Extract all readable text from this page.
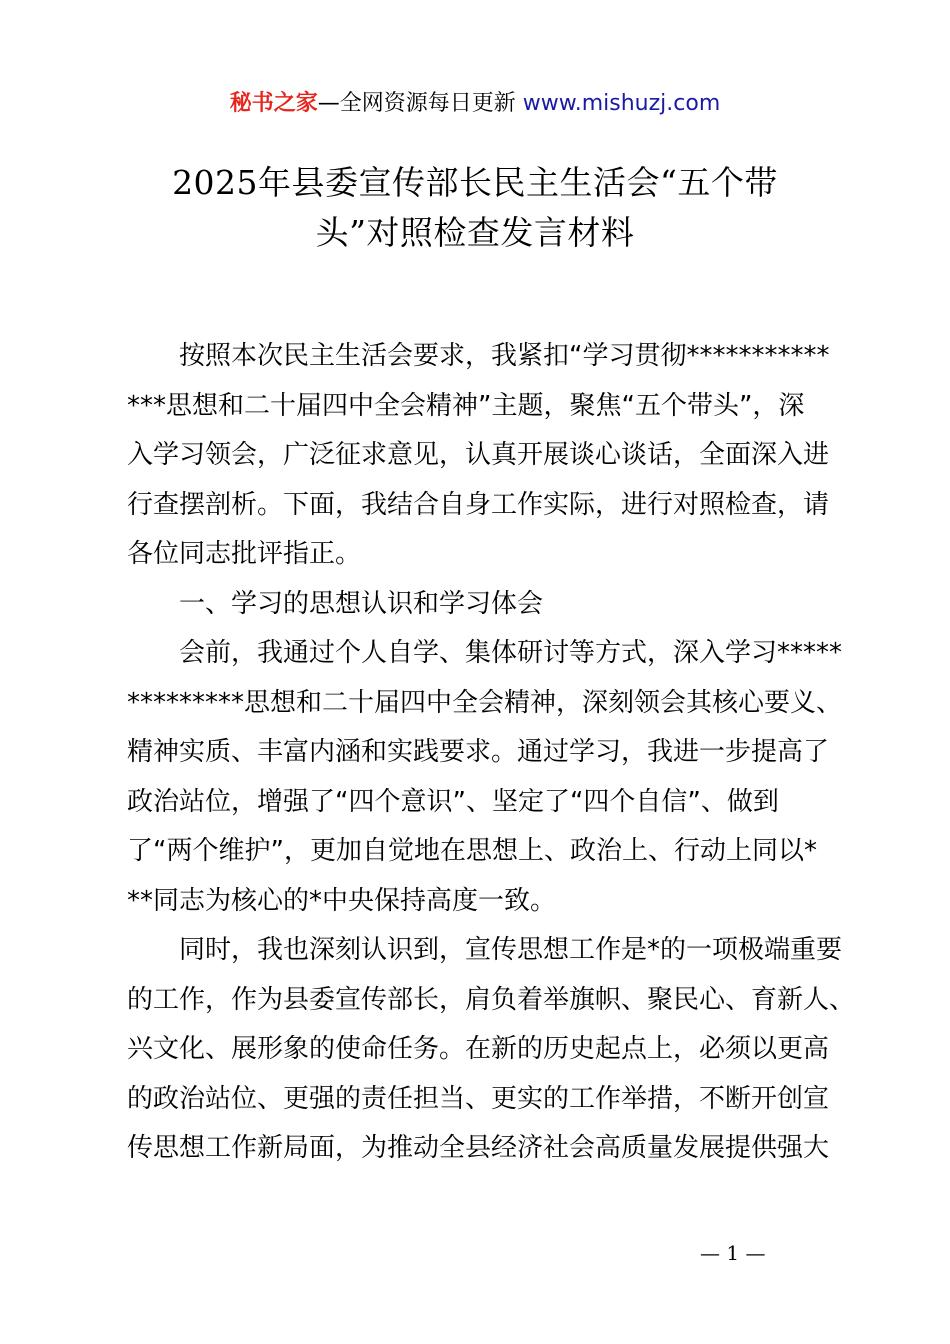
秘书之家—全网资源每日更新 www.mishuzj.com
2025年县委宣传部长民主生活会“五个带
头”对照检查发言材料
按照本次民主生活会要求，我紧扣“学习贯彻***********
***思想和二十届四中全会精神”主题，聚焦“五个带头”，深
入学习领会，广泛征求意见，认真开展谈心谈话，全面深入进
行查摆剖析。下面，我结合自身工作实际，进行对照检查，请
各位同志批评指正。
一、学习的思想认识和学习体会
会前，我通过个人自学、集体研讨等方式，深入学习*****
*********思想和二十届四中全会精神，深刻领会其核心要义、
精神实质、丰富内涵和实践要求。通过学习，我进一步提高了
政治站位，增强了“四个意识”、坚定了“四个自信”、做到
了“两个维护”，更加自觉地在思想上、政治上、行动上同以*
**同志为核心的*中央保持高度一致。
同时，我也深刻认识到，宣传思想工作是*的一项极端重要
的工作，作为县委宣传部长，肩负着举旗帜、聚民心、育新人、
兴文化、展形象的使命任务。在新的历史起点上，必须以更高
的政治站位、更强的责任担当、更实的工作举措，不断开创宣
传思想工作新局面，为推动全县经济社会高质量发展提供强大
— 1 —
